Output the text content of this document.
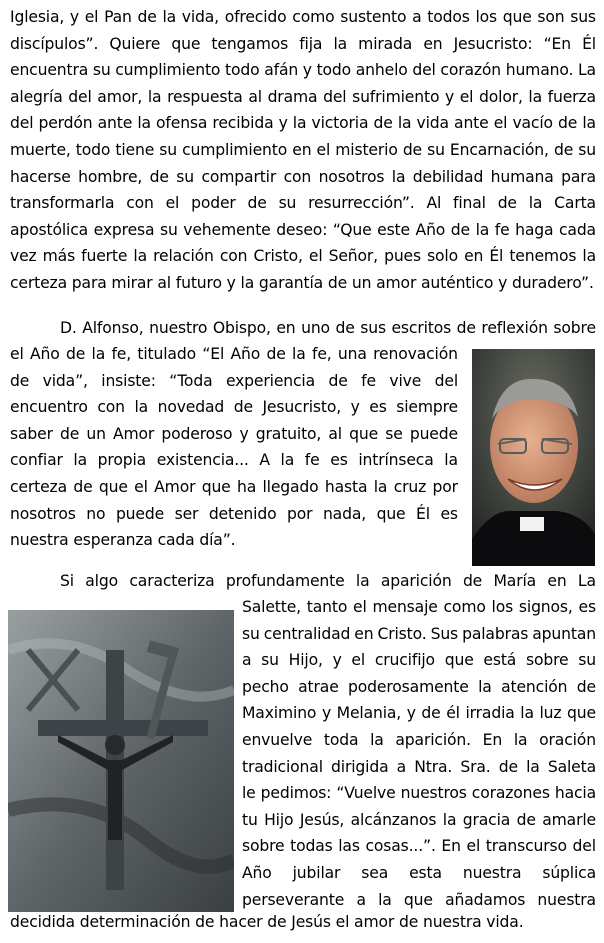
Iglesia, y el Pan de la vida, ofrecido como sustento a todos los que son sus
discípulos”. Quiere que tengamos fija la mirada en Jesucristo: “En Él
encuentra su cumplimiento todo afán y todo anhelo del corazón humano. La
alegría del amor, la respuesta al drama del sufrimiento y el dolor, la fuerza
del perdón ante la ofensa recibida y la victoria de la vida ante el vacío de la
muerte, todo tiene su cumplimiento en el misterio de su Encarnación, de su
hacerse hombre, de su compartir con nosotros la debilidad humana para
transformarla con el poder de su resurrección”. Al final de la Carta
apostólica expresa su vehemente deseo: “Que este Año de la fe haga cada
vez más fuerte la relación con Cristo, el Señor, pues solo en Él tenemos la
certeza para mirar al futuro y la garantía de un amor auténtico y duradero”.
D. Alfonso, nuestro Obispo, en uno de sus escritos de reflexión sobre
el Año de la fe, titulado “El Año de la fe, una renovación
de vida”, insiste: “Toda experiencia de fe vive del
encuentro con la novedad de Jesucristo, y es siempre
saber de un Amor poderoso y gratuito, al que se puede
confiar la propia existencia... A la fe es intrínseca la
certeza de que el Amor que ha llegado hasta la cruz por
nosotros no puede ser detenido por nada, que Él es
nuestra esperanza cada día”.
Si algo caracteriza profundamente la aparición de María en La
Salette, tanto el mensaje como los signos, es
su centralidad en Cristo. Sus palabras apuntan
a su Hijo, y el crucifijo que está sobre su
pecho atrae poderosamente la atención de
Maximino y Melania, y de él irradia la luz que
envuelve toda la aparición. En la oración
tradicional dirigida a Ntra. Sra. de la Saleta
le pedimos: “Vuelve nuestros corazones hacia
tu Hijo Jesús, alcánzanos la gracia de amarle
sobre todas las cosas...”. En el transcurso del
Año jubilar sea esta nuestra súplica
perseverante a la que añadamos nuestra
decidida determinación de hacer de Jesús el amor de nuestra vida.
